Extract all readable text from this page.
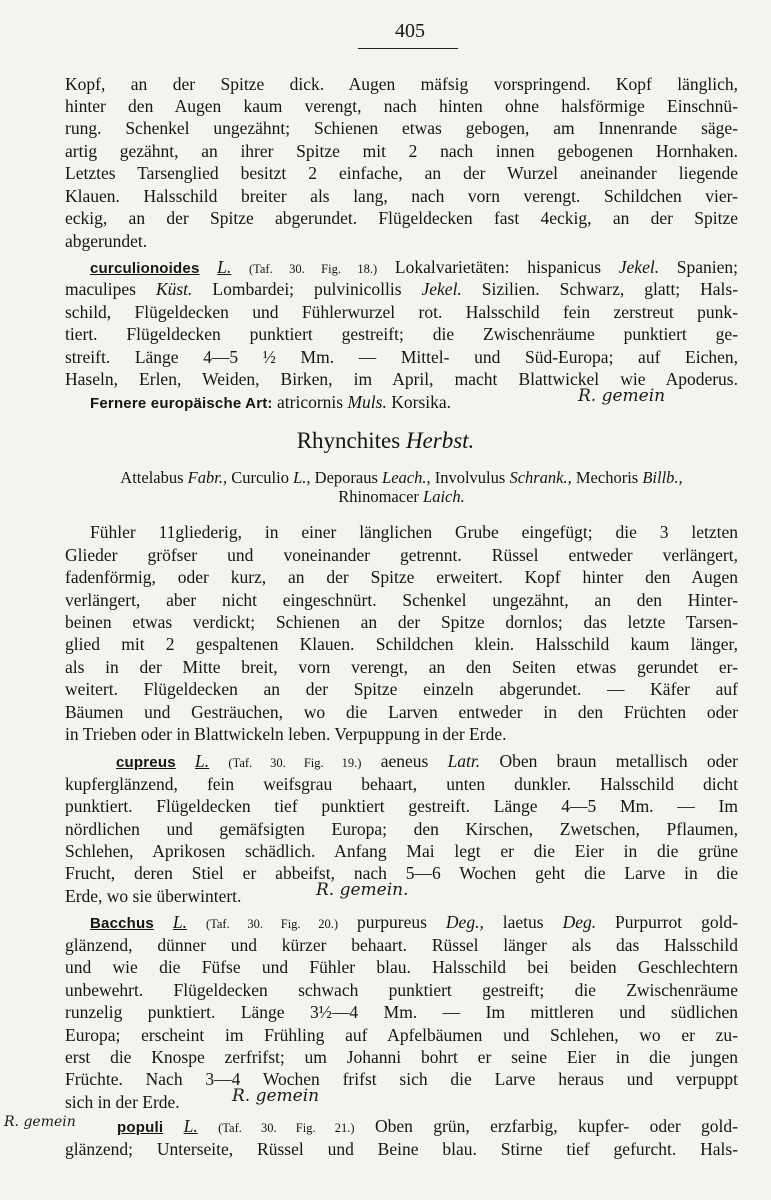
405
Kopf, an der Spitze dick. Augen mäfsig vorspringend. Kopf länglich,
hinter den Augen kaum verengt, nach hinten ohne halsförmige Einschnü-
rung. Schenkel ungezähnt; Schienen etwas gebogen, am Innenrande säge-
artig gezähnt, an ihrer Spitze mit 2 nach innen gebogenen Hornhaken.
Letztes Tarsenglied besitzt 2 einfache, an der Wurzel aneinander liegende
Klauen. Halsschild breiter als lang, nach vorn verengt. Schildchen vier-
eckig, an der Spitze abgerundet. Flügeldecken fast 4eckig, an der Spitze
abgerundet.
curculionoides L. (Taf. 30. Fig. 18.) Lokalvarietäten: hispanicus Jekel. Spanien;
maculipes Küst. Lombardei; pulvinicollis Jekel. Sizilien. Schwarz, glatt; Hals-
schild, Flügeldecken und Fühlerwurzel rot. Halsschild fein zerstreut punk-
tiert. Flügeldecken punktiert gestreift; die Zwischenräume punktiert ge-
streift. Länge 4—5 ½ Mm. — Mittel- und Süd-Europa; auf Eichen,
Haseln, Erlen, Weiden, Birken, im April, macht Blattwickel wie Apoderus.
Fernere europäische Art: atricornis Muls. Korsika.	R. gemein
Rhynchites Herbst.
Attelabus Fabr., Curculio L., Deporaus Leach., Involvulus Schrank., Mechoris Billb.,
Rhinomacer Laich.
Fühler 11gliederig, in einer länglichen Grube eingefügt; die 3 letzten
Glieder gröfser und voneinander getrennt. Rüssel entweder verlängert,
fadenförmig, oder kurz, an der Spitze erweitert. Kopf hinter den Augen
verlängert, aber nicht eingeschnürt. Schenkel ungezähnt, an den Hinter-
beinen etwas verdickt; Schienen an der Spitze dornlos; das letzte Tarsen-
glied mit 2 gespaltenen Klauen. Schildchen klein. Halsschild kaum länger,
als in der Mitte breit, vorn verengt, an den Seiten etwas gerundet er-
weitert. Flügeldecken an der Spitze einzeln abgerundet. — Käfer auf
Bäumen und Gesträuchen, wo die Larven entweder in den Früchten oder
in Trieben oder in Blattwickeln leben. Verpuppung in der Erde.
cupreus L. (Taf. 30. Fig. 19.) aeneus Latr. Oben braun metallisch oder
kupferglänzend, fein weifsgrau behaart, unten dunkler. Halsschild dicht
punktiert. Flügeldecken tief punktiert gestreift. Länge 4—5 Mm. — Im
nördlichen und gemäfsigten Europa; den Kirschen, Zwetschen, Pflaumen,
Schlehen, Aprikosen schädlich. Anfang Mai legt er die Eier in die grüne
Frucht, deren Stiel er abbeifst, nach 5—6 Wochen geht die Larve in die
Erde, wo sie überwintert.	R. gemein.
Bacchus L. (Taf. 30. Fig. 20.) purpureus Deg., laetus Deg. Purpurrot gold-
glänzend, dünner und kürzer behaart. Rüssel länger als das Halsschild
und wie die Füfse und Fühler blau. Halsschild bei beiden Geschlechtern
unbewehrt. Flügeldecken schwach punktiert gestreift; die Zwischenräume
runzelig punktiert. Länge 3½—4 Mm. — Im mittleren und südlichen
Europa; erscheint im Frühling auf Apfelbäumen und Schlehen, wo er zu-
erst die Knospe zerfrifst; um Johanni bohrt er seine Eier in die jungen
Früchte. Nach 3—4 Wochen frifst sich die Larve heraus und verpuppt
sich in der Erde.	R. gemein
R. gemein	populi L. (Taf. 30. Fig. 21.) Oben grün, erzfarbig, kupfer- oder gold-
glänzend; Unterseite, Rüssel und Beine blau. Stirne tief gefurcht. Hals-
